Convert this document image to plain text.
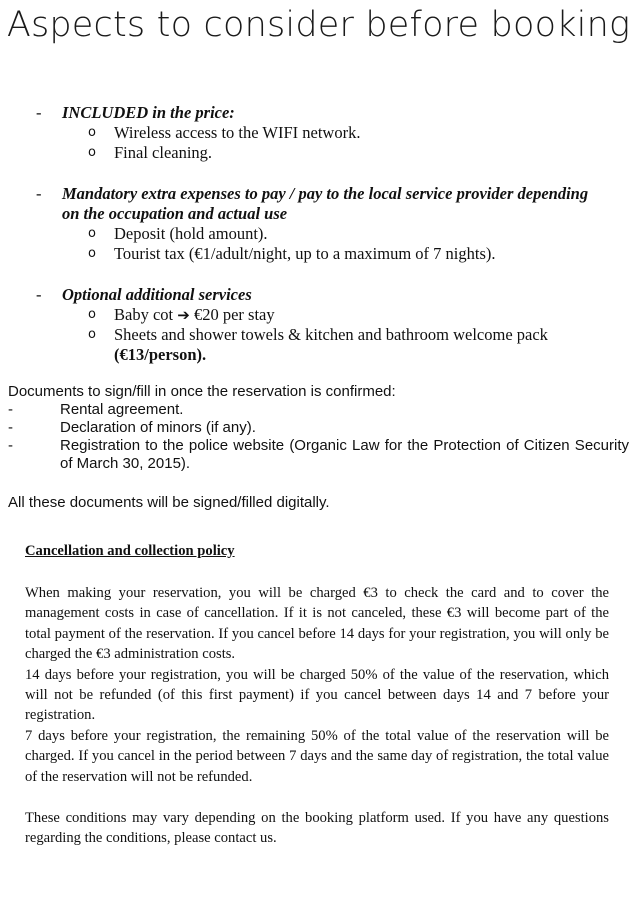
Aspects to consider before booking
-	INCLUDED in the price:
o	Wireless access to the WIFI network.
o	Final cleaning.
-	Mandatory extra expenses to pay / pay to the local service provider depending
on the occupation and actual use
o	Deposit (hold amount).
o	Tourist tax (€1/adult/night, up to a maximum of 7 nights).
-	Optional additional services
o	Baby cot ➔ €20 per stay
o	Sheets and shower towels & kitchen and bathroom welcome pack
(€13/person).
Documents to sign/fill in once the reservation is confirmed:
-	Rental agreement.
-	Declaration of minors (if any).
-	Registration to the police website (Organic Law for the Protection of Citizen Security of March 30, 2015).
All these documents will be signed/filled digitally.
Cancellation and collection policy

When making your reservation, you will be charged €3 to check the card and to cover the management costs in case of cancellation. If it is not canceled, these €3 will become part of the total payment of the reservation. If you cancel before 14 days for your registration, you will only be charged the €3 administration costs.

14 days before your registration, you will be charged 50% of the value of the reservation, which will not be refunded (of this first payment) if you cancel between days 14 and 7 before your registration.

7 days before your registration, the remaining 50% of the total value of the reservation will be charged. If you cancel in the period between 7 days and the same day of registration, the total value of the reservation will not be refunded.

These conditions may vary depending on the booking platform used. If you have any questions regarding the conditions, please contact us.
